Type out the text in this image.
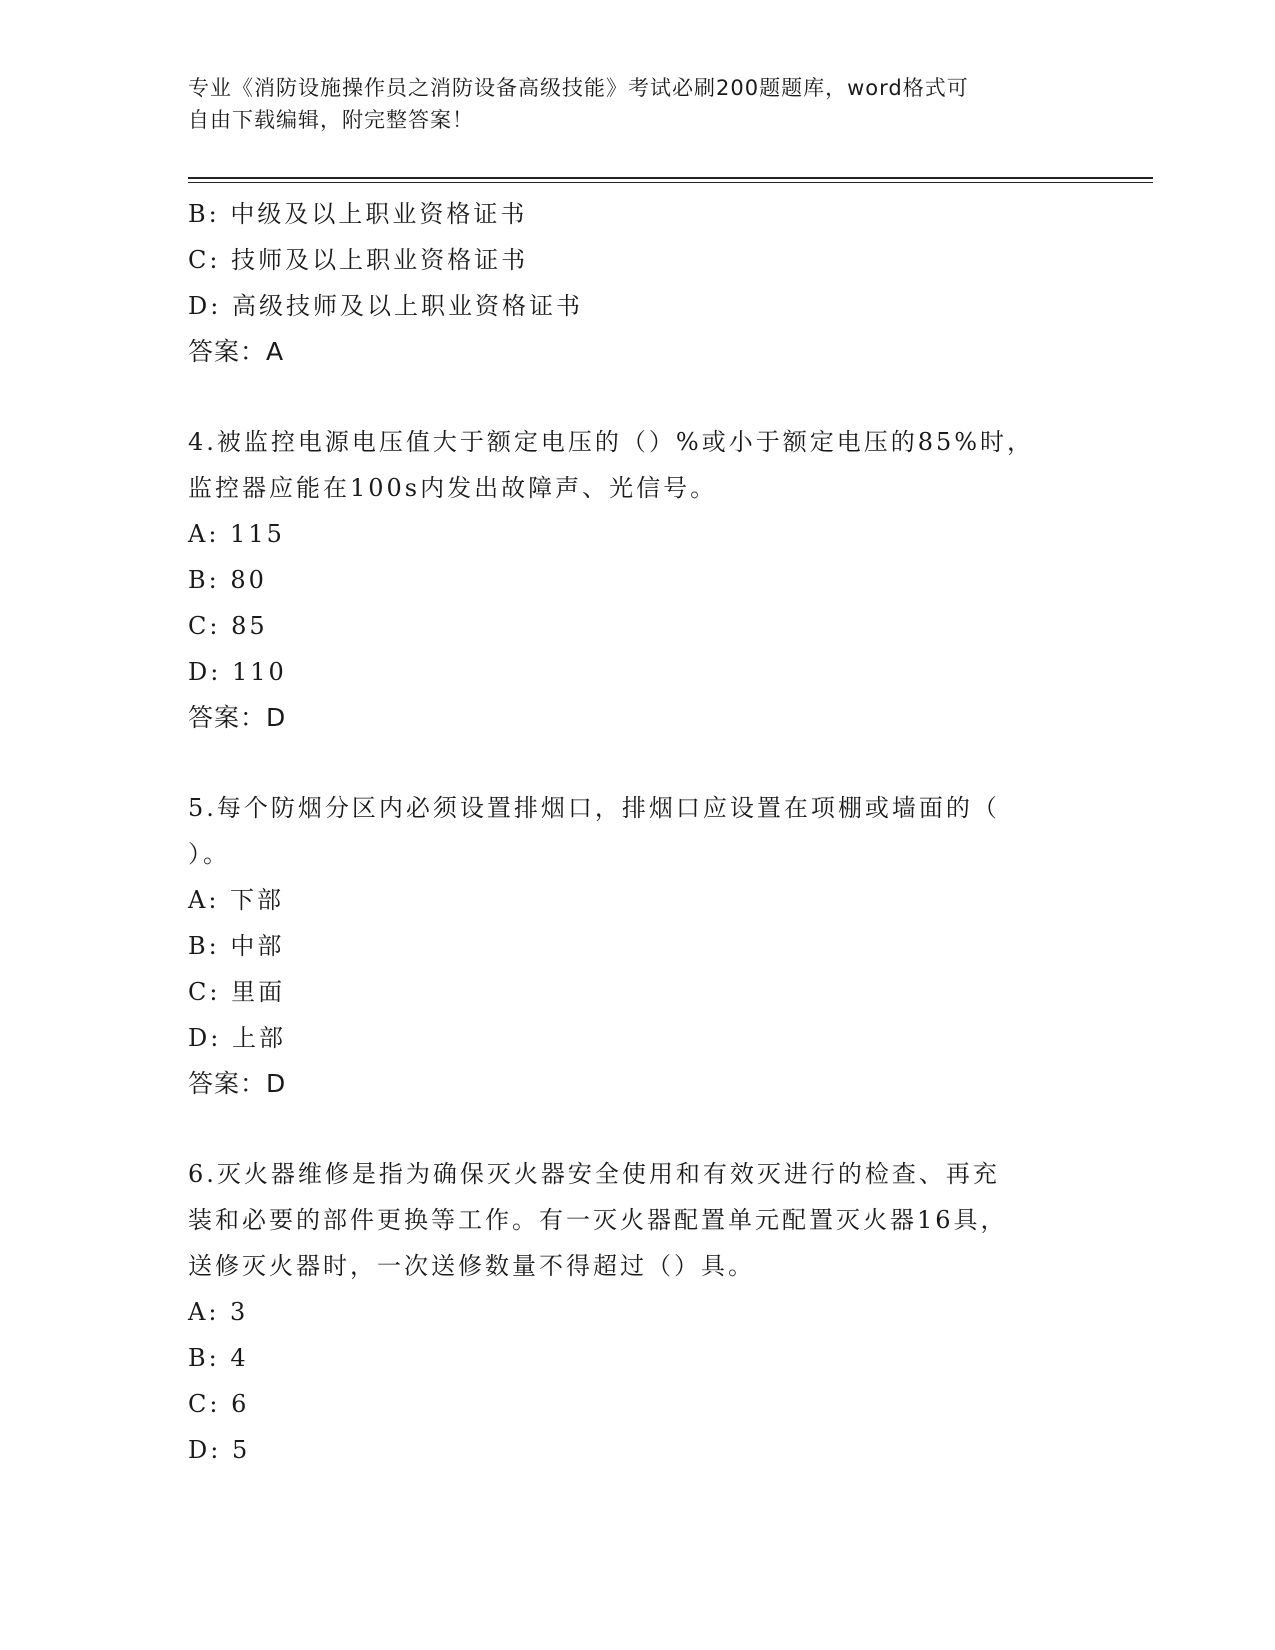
专业《消防设施操作员之消防设备高级技能》考试必刷200题题库，word格式可
自由下载编辑，附完整答案！
B: 中级及以上职业资格证书
C: 技师及以上职业资格证书
D: 高级技师及以上职业资格证书
答案：A
4.被监控电源电压值大于额定电压的（）%或小于额定电压的85%时，
监控器应能在100s内发出故障声、光信号。
A: 115
B: 80
C: 85
D: 110
答案：D
5.每个防烟分区内必须设置排烟口，排烟口应设置在项棚或墙面的（
）。
A: 下部
B: 中部
C: 里面
D: 上部
答案：D
6.灭火器维修是指为确保灭火器安全使用和有效灭进行的检查、再充
装和必要的部件更换等工作。有一灭火器配置单元配置灭火器16具，
送修灭火器时，一次送修数量不得超过（）具。
A: 3
B: 4
C: 6
D: 5
